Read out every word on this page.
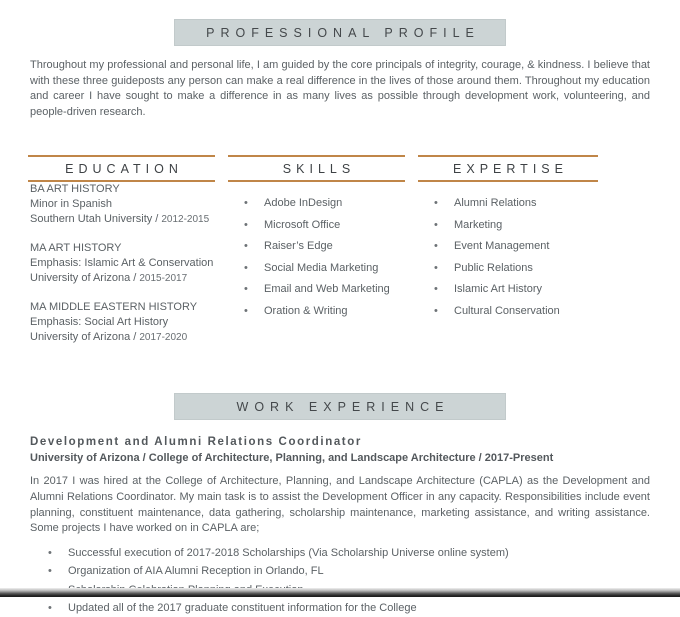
PROFESSIONAL PROFILE

Throughout my professional and personal life, I am guided by the core principals of integrity, courage, & kindness. I believe that with these three guideposts any person can make a real difference in the lives of those around them. Throughout my education and career I have sought to make a difference in as many lives as possible through development work, volunteering, and people-driven research.

EDUCATION
BA ART HISTORY
Minor in Spanish
Southern Utah University / 2012-2015
MA ART HISTORY
Emphasis: Islamic Art & Conservation
University of Arizona / 2015-2017
MA MIDDLE EASTERN HISTORY
Emphasis: Social Art History
University of Arizona / 2017-2020
SKILLS
• Adobe InDesign
• Microsoft Office
• Raiser’s Edge
• Social Media Marketing
• Email and Web Marketing
• Oration & Writing
EXPERTISE
• Alumni Relations
• Marketing
• Event Management
• Public Relations
• Islamic Art History
• Cultural Conservation
WORK EXPERIENCE
Development and Alumni Relations Coordinator
University of Arizona / College of Architecture, Planning, and Landscape Architecture / 2017-Present

In 2017 I was hired at the College of Architecture, Planning, and Landscape Architecture (CAPLA) as the Development and Alumni Relations Coordinator. My main task is to assist the Development Officer in any capacity. Responsibilities include event planning, constituent maintenance, data gathering, scholarship maintenance, marketing assistance, and writing assistance. Some projects I have worked on in CAPLA are;

• Successful execution of 2017-2018 Scholarships (Via Scholarship Universe online system)
• Organization of AIA Alumni Reception in Orlando, FL
•
• Updated all of the 2017 graduate constituent information for the College
